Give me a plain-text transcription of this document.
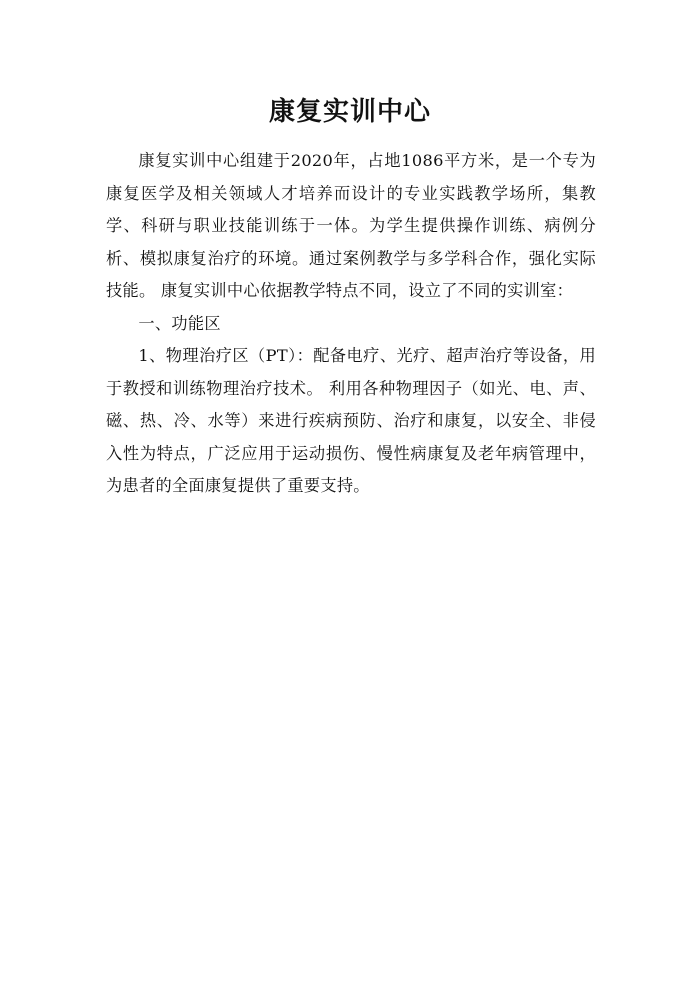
康复实训中心

康复实训中心组建于2020年，占地1086平方米，是一个专为康复医学及相关领域人才培养而设计的专业实践教学场所，集教学、科研与职业技能训练于一体。为学生提供操作训练、病例分析、模拟康复治疗的环境。通过案例教学与多学科合作，强化实际技能。 康复实训中心依据教学特点不同，设立了不同的实训室：

一、功能区

1、物理治疗区（PT）：配备电疗、光疗、超声治疗等设备，用于教授和训练物理治疗技术。 利用各种物理因子（如光、电、声、磁、热、冷、水等）来进行疾病预防、治疗和康复，以安全、非侵入性为特点，广泛应用于运动损伤、慢性病康复及老年病管理中，为患者的全面康复提供了重要支持。
